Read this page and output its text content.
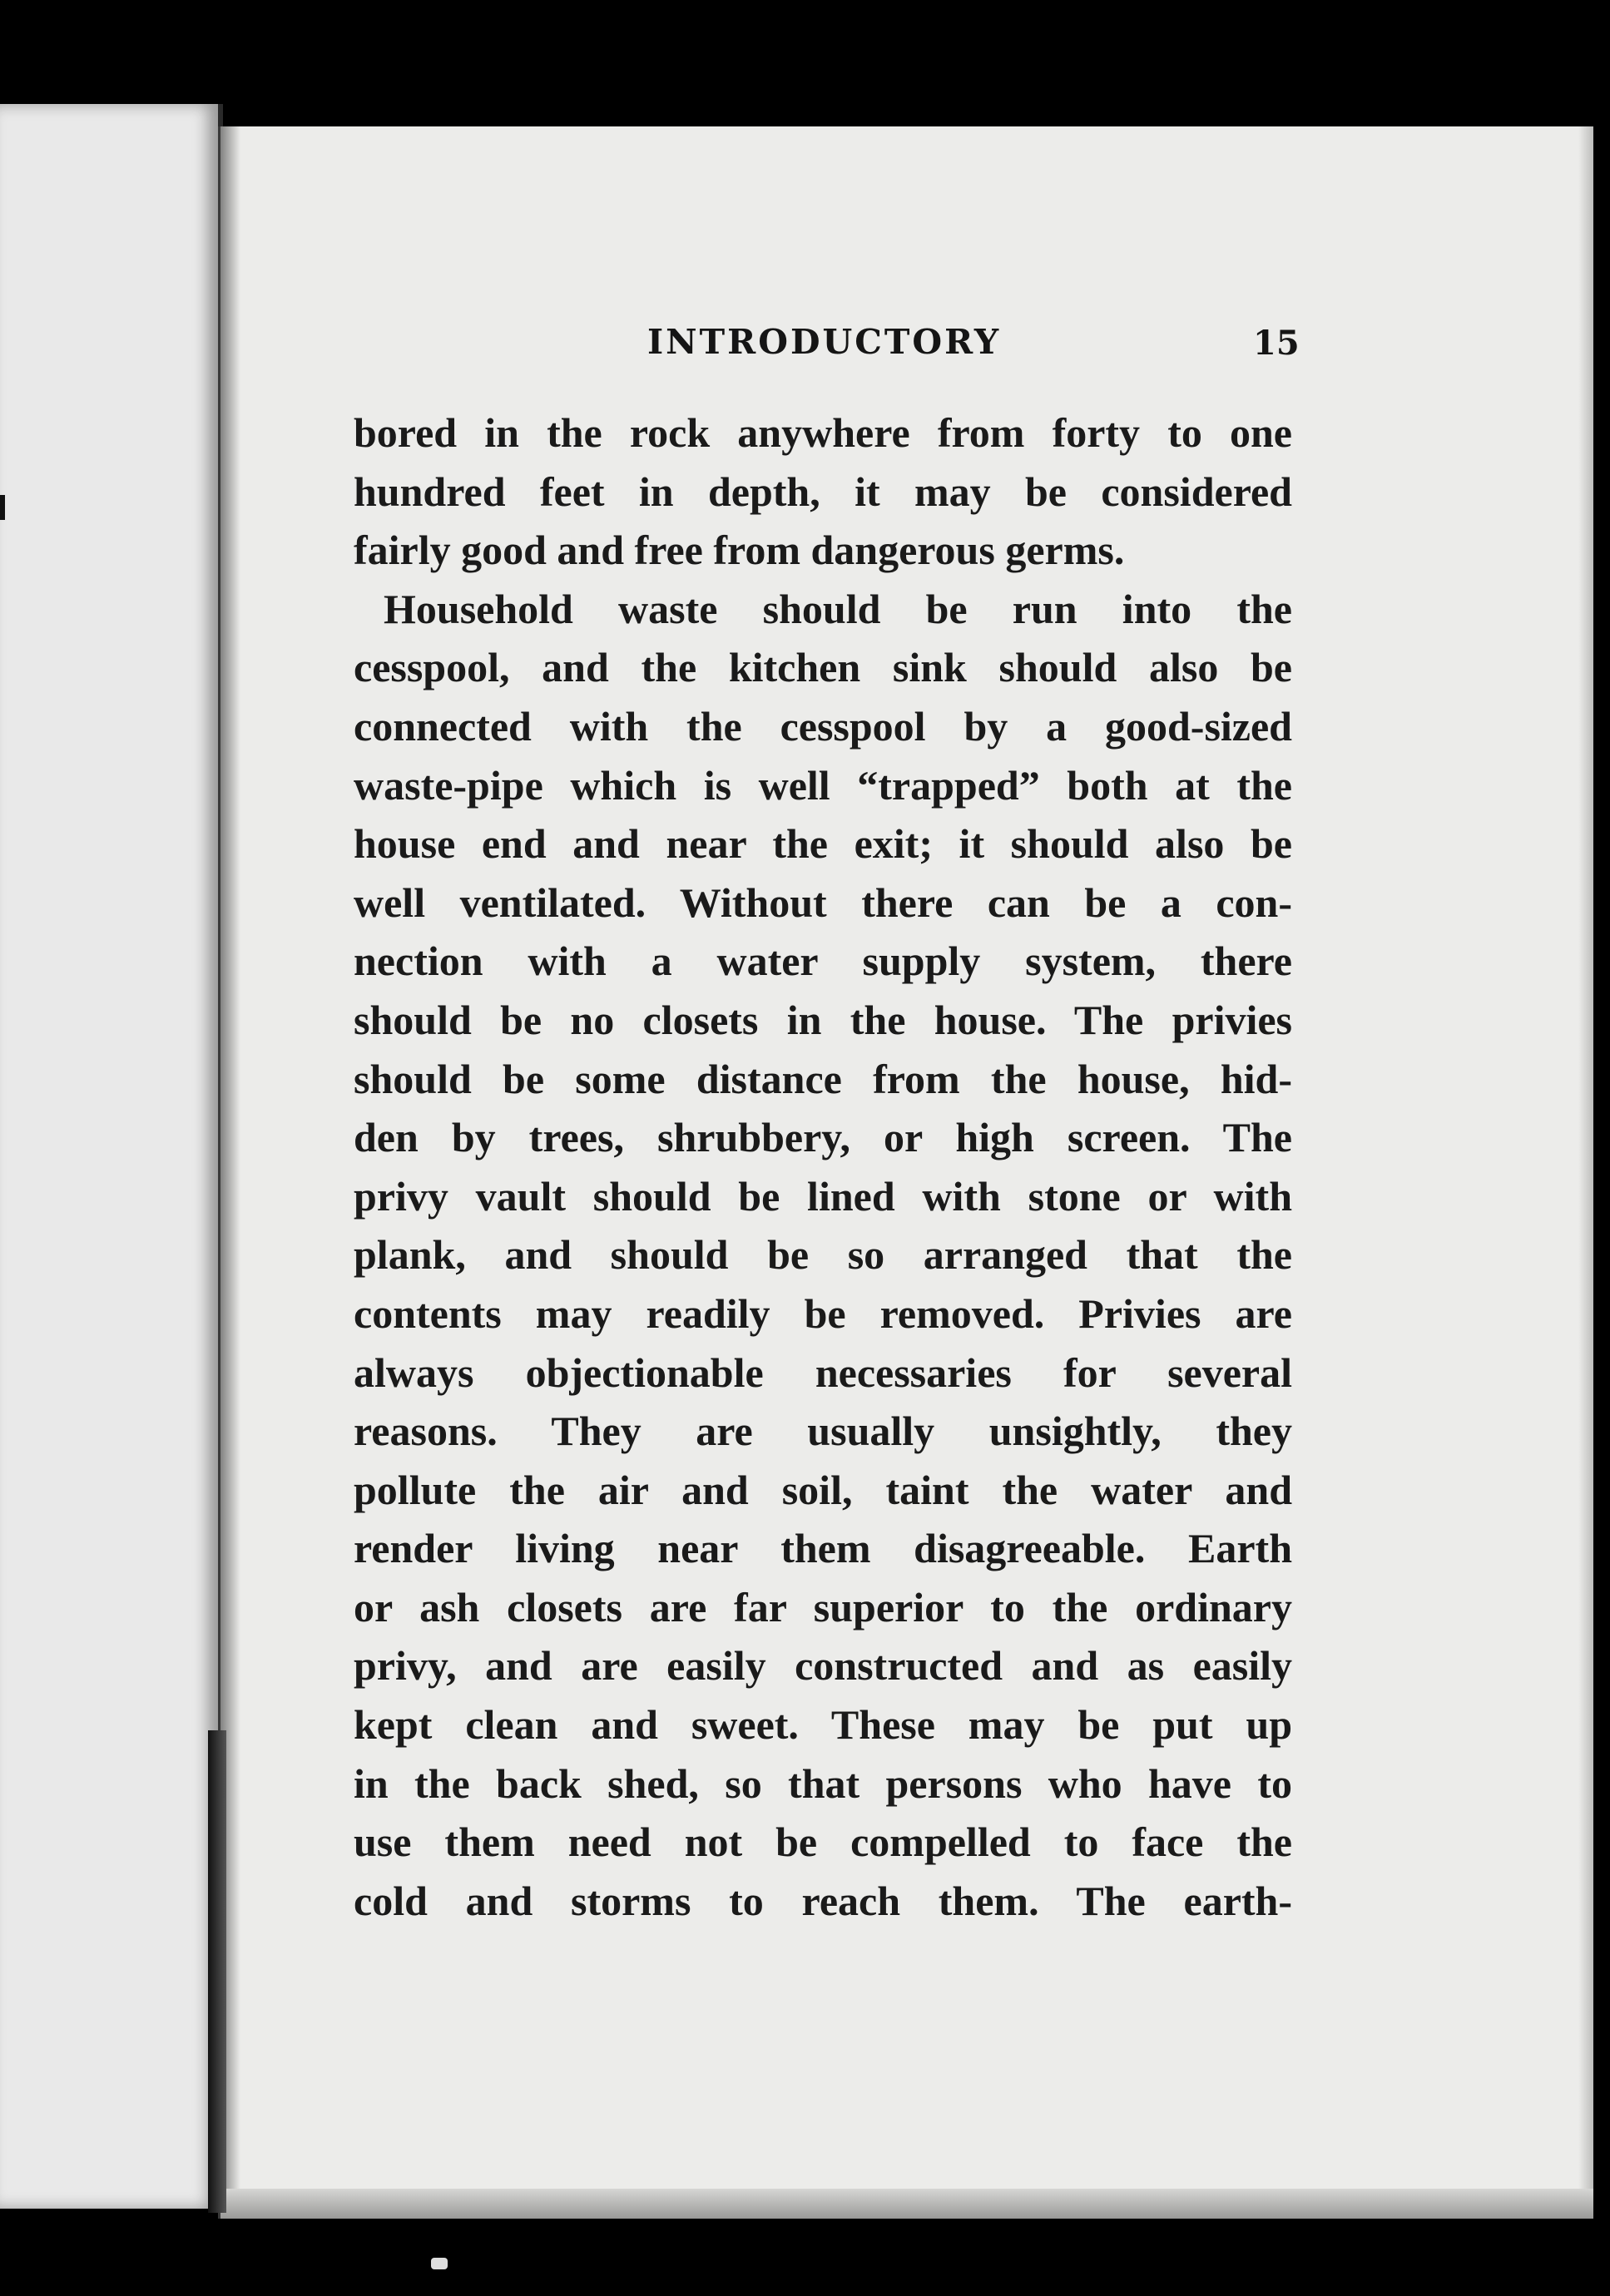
INTRODUCTORY	15
bored in the rock anywhere from forty to one
hundred feet in depth, it may be considered
fairly good and free from dangerous germs.
Household waste should be run into the
cesspool, and the kitchen sink should also be
connected with the cesspool by a good-sized
waste-pipe which is well “trapped” both at the
house end and near the exit; it should also be
well ventilated. Without there can be a con-
nection with a water supply system, there
should be no closets in the house. The privies
should be some distance from the house, hid-
den by trees, shrubbery, or high screen. The
privy vault should be lined with stone or with
plank, and should be so arranged that the
contents may readily be removed. Privies are
always objectionable necessaries for several
reasons. They are usually unsightly, they
pollute the air and soil, taint the water and
render living near them disagreeable. Earth
or ash closets are far superior to the ordinary
privy, and are easily constructed and as easily
kept clean and sweet. These may be put up
in the back shed, so that persons who have to
use them need not be compelled to face the
cold and storms to reach them. The earth-
